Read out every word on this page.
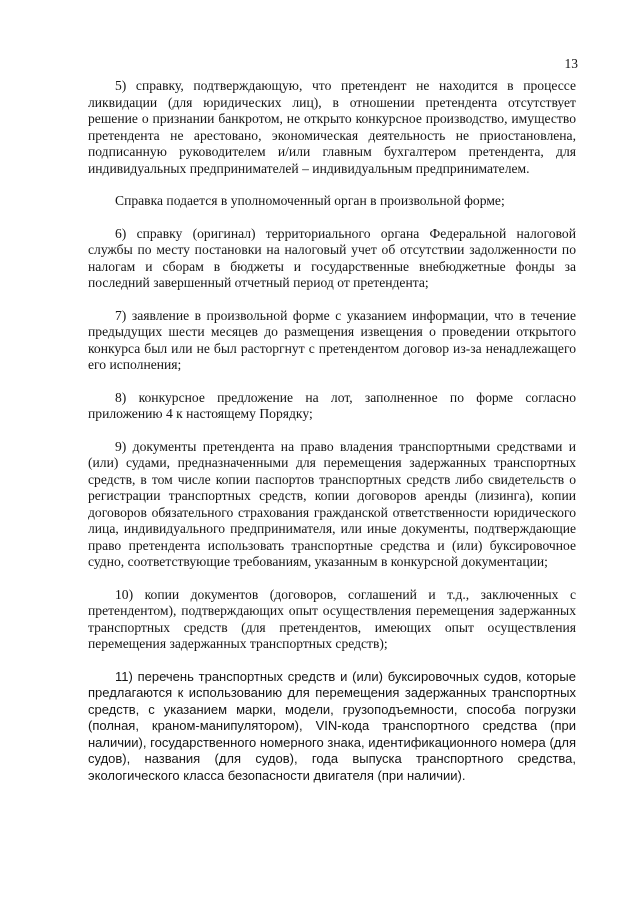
13

5) справку, подтверждающую, что претендент не находится в процессе ликвидации (для юридических лиц), в отношении претендента отсутствует решение о признании банкротом, не открыто конкурсное производство, имущество претендента не арестовано, экономическая деятельность не приостановлена, подписанную руководителем и/или главным бухгалтером претендента, для индивидуальных предпринимателей – индивидуальным предпринимателем.

Справка подается в уполномоченный орган в произвольной форме;

6) справку (оригинал) территориального органа Федеральной налоговой службы по месту постановки на налоговый учет об отсутствии задолженности по налогам и сборам в бюджеты и государственные внебюджетные фонды за последний завершенный отчетный период от претендента;

7) заявление в произвольной форме с указанием информации, что в течение предыдущих шести месяцев до размещения извещения о проведении открытого конкурса был или не был расторгнут с претендентом договор из-за ненадлежащего его исполнения;

8) конкурсное предложение на лот, заполненное по форме согласно приложению 4 к настоящему Порядку;

9) документы претендента на право владения транспортными средствами и (или) судами, предназначенными для перемещения задержанных транспортных средств, в том числе копии паспортов транспортных средств либо свидетельств о регистрации транспортных средств, копии договоров аренды (лизинга), копии договоров обязательного страхования гражданской ответственности юридического лица, индивидуального предпринимателя, или иные документы, подтверждающие право претендента использовать транспортные средства и (или) буксировочное судно, соответствующие требованиям, указанным в конкурсной документации;

10) копии документов (договоров, соглашений и т.д., заключенных с претендентом), подтверждающих опыт осуществления перемещения задержанных транспортных средств (для претендентов, имеющих опыт осуществления перемещения задержанных транспортных средств);

11) перечень транспортных средств и (или) буксировочных судов, которые предлагаются к использованию для перемещения задержанных транспортных средств, с указанием марки, модели, грузоподъемности, способа погрузки (полная, краном-манипулятором), VIN-кода транспортного средства (при наличии), государственного номерного знака, идентификационного номера (для судов), названия (для судов), года выпуска транспортного средства, экологического класса безопасности двигателя (при наличии).
